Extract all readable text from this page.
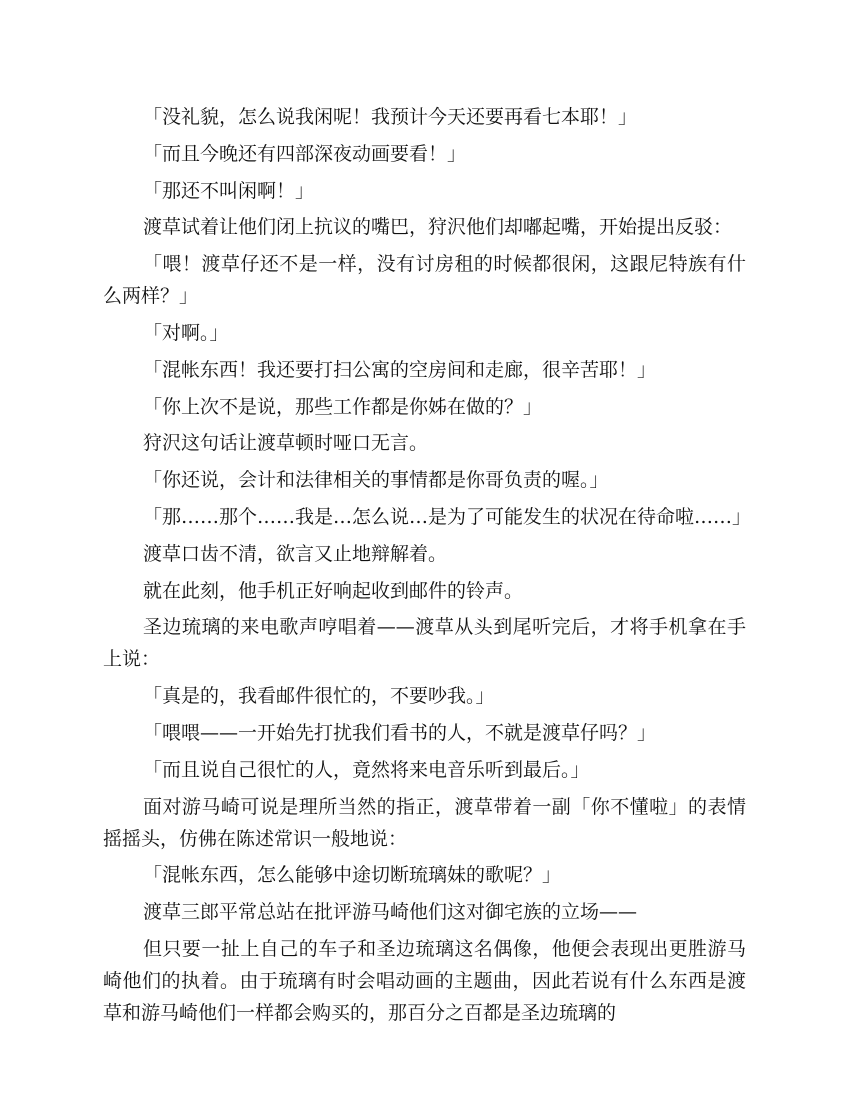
「没礼貌，怎么说我闲呢！我预计今天还要再看七本耶！」

「而且今晚还有四部深夜动画要看！」

「那还不叫闲啊！」

渡草试着让他们闭上抗议的嘴巴，狩沢他们却嘟起嘴，开始提出反驳：

「喂！渡草仔还不是一样，没有讨房租的时候都很闲，这跟尼特族有什么两样？」

「对啊。」

「混帐东西！我还要打扫公寓的空房间和走廊，很辛苦耶！」

「你上次不是说，那些工作都是你姊在做的？」

狩沢这句话让渡草顿时哑口无言。

「你还说，会计和法律相关的事情都是你哥负责的喔。」

「那……那个……我是…怎么说…是为了可能发生的状况在待命啦……」

渡草口齿不清，欲言又止地辩解着。

就在此刻，他手机正好响起收到邮件的铃声。

圣边琉璃的来电歌声哼唱着——渡草从头到尾听完后，才将手机拿在手上说：

「真是的，我看邮件很忙的，不要吵我。」

「喂喂——一开始先打扰我们看书的人，不就是渡草仔吗？」

「而且说自己很忙的人，竟然将来电音乐听到最后。」

面对游马崎可说是理所当然的指正，渡草带着一副「你不懂啦」的表情摇摇头，仿佛在陈述常识一般地说：

「混帐东西，怎么能够中途切断琉璃妹的歌呢？」

渡草三郎平常总站在批评游马崎他们这对御宅族的立场——

但只要一扯上自己的车子和圣边琉璃这名偶像，他便会表现出更胜游马崎他们的执着。由于琉璃有时会唱动画的主题曲，因此若说有什么东西是渡草和游马崎他们一样都会购买的，那百分之百都是圣边琉璃的
